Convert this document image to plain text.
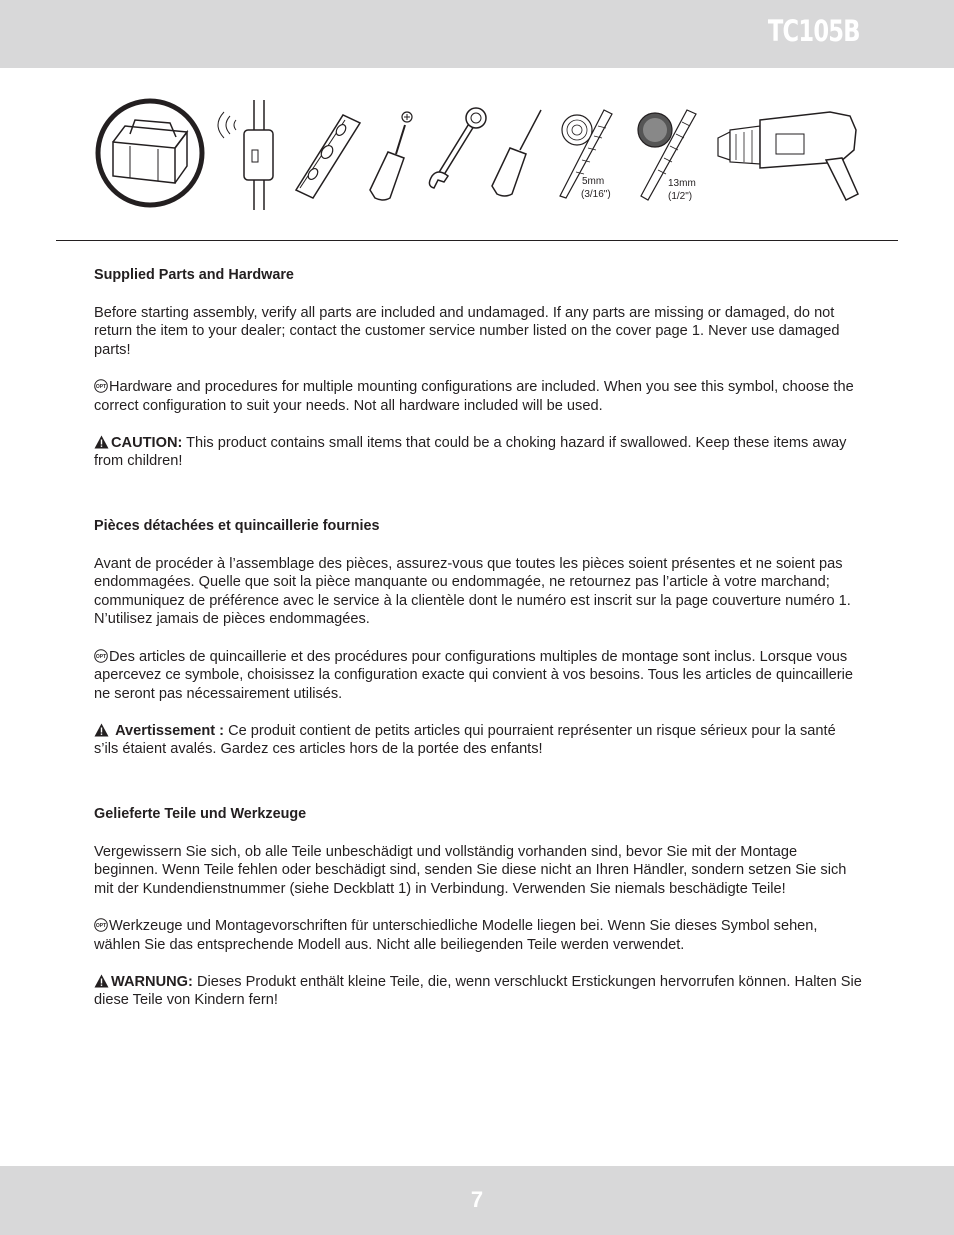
TC105B
5mm
(3/16")
13mm
(1/2")
Supplied Parts and Hardware

Before starting assembly, verify all parts are included and undamaged. If any parts are missing or damaged, do not return the item to your dealer; contact the customer service number listed on the cover page 1. Never use damaged parts!

OPT Hardware and procedures for multiple mounting configurations are included. When you see this symbol, choose the correct configuration to suit your needs. Not all hardware included will be used.

CAUTION: This product contains small items that could be a choking hazard if swallowed. Keep these items away from children!

Pièces détachées et quincaillerie fournies

Avant de procéder à l’assemblage des pièces, assurez-vous que toutes les pièces soient présentes et ne soient pas endommagées. Quelle que soit la pièce manquante ou endommagée, ne retournez pas l’article à votre marchand; communiquez de préférence avec le service à la clientèle dont le numéro est inscrit sur la page couverture numéro 1. N’utilisez jamais de pièces endommagées.

OPT Des articles de quincaillerie et des procédures pour configurations multiples de montage sont inclus. Lorsque vous apercevez ce symbole, choisissez la configuration exacte qui convient à vos besoins. Tous les articles de quincaillerie ne seront pas nécessairement utilisés.

Avertissement : Ce produit contient de petits articles qui pourraient représenter un risque sérieux pour la santé s’ils étaient avalés. Gardez ces articles hors de la portée des enfants!

Gelieferte Teile und Werkzeuge

Vergewissern Sie sich, ob alle Teile unbeschädigt und vollständig vorhanden sind, bevor Sie mit der Montage beginnen. Wenn Teile fehlen oder beschädigt sind, senden Sie diese nicht an Ihren Händler, sondern setzen Sie sich mit der Kundendienstnummer (siehe Deckblatt 1) in Verbindung. Verwenden Sie niemals beschädigte Teile!

OPT Werkzeuge und Montagevorschriften für unterschiedliche Modelle liegen bei. Wenn Sie dieses Symbol sehen, wählen Sie das entsprechende Modell aus. Nicht alle beiliegenden Teile werden verwendet.

WARNUNG: Dieses Produkt enthält kleine Teile, die, wenn verschluckt Erstickungen hervorrufen können. Halten Sie diese Teile von Kindern fern!

7
